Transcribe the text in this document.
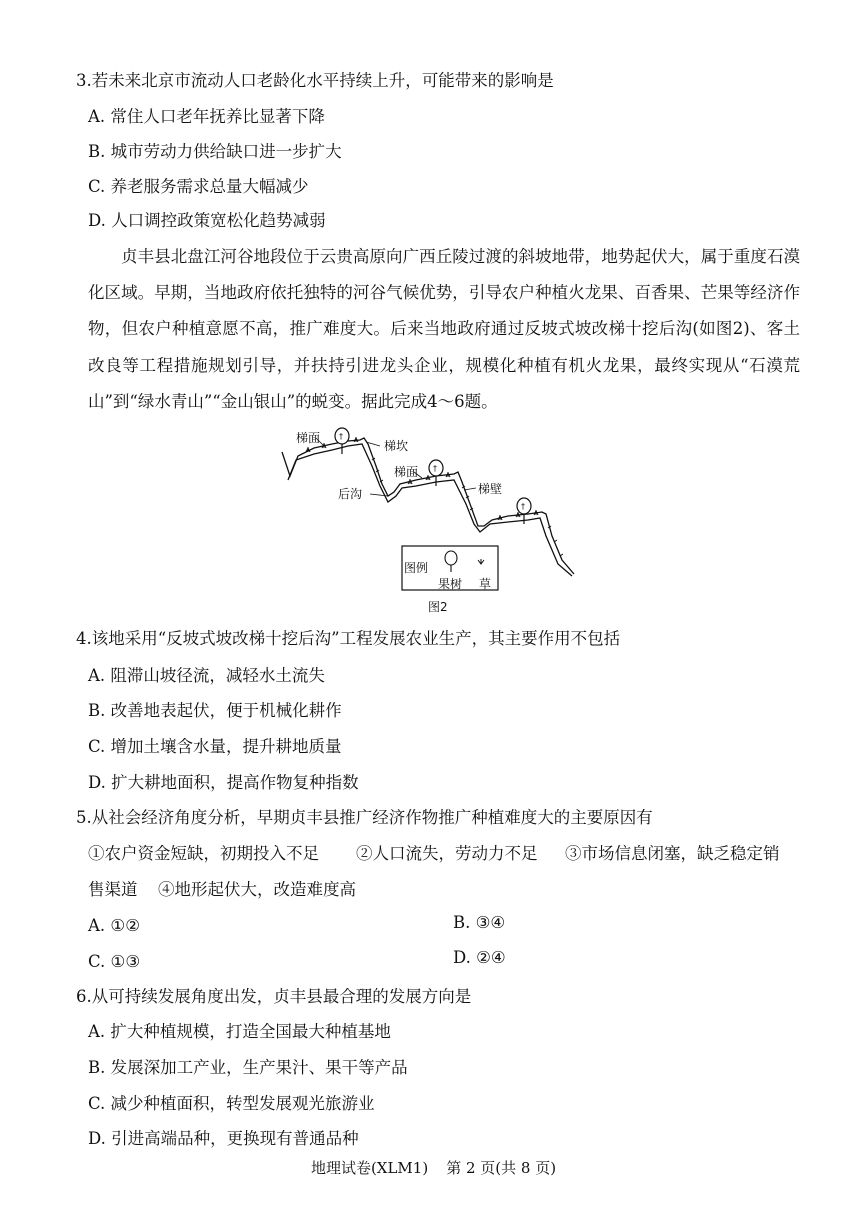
3.若未来北京市流动人口老龄化水平持续上升，可能带来的影响是
A. 常住人口老年抚养比显著下降
B. 城市劳动力供给缺口进一步扩大
C. 养老服务需求总量大幅减少
D. 人口调控政策宽松化趋势减弱
贞丰县北盘江河谷地段位于云贵高原向广西丘陵过渡的斜坡地带，地势起伏大，属于重度石漠化区域。早期，当地政府依托独特的河谷气候优势，引导农户种植火龙果、百香果、芒果等经济作物，但农户种植意愿不高，推广难度大。后来当地政府通过反坡式坡改梯十挖后沟(如图2)、客土改良等工程措施规划引导，并扶持引进龙头企业，规模化种植有机火龙果，最终实现从“石漠荒山”到“绿水青山”“金山银山”的蜕变。据此完成4～6题。
†
†
†
梯面
梯坎
梯面
后沟	梯壁
图例
果树 草
图2
4.该地采用“反坡式坡改梯十挖后沟”工程发展农业生产，其主要作用不包括
A. 阻滞山坡径流，减轻水土流失
B. 改善地表起伏，便于机械化耕作
C. 增加土壤含水量，提升耕地质量
D. 扩大耕地面积，提高作物复种指数
5.从社会经济角度分析，早期贞丰县推广经济作物推广种植难度大的主要原因有
①农户资金短缺，初期投入不足 ②人口流失，劳动力不足 ③市场信息闭塞，缺乏稳定销
售渠道 ④地形起伏大，改造难度高
A. ①②	B. ③④
C. ①③	D. ②④
6.从可持续发展角度出发，贞丰县最合理的发展方向是
A. 扩大种植规模，打造全国最大种植基地
B. 发展深加工产业，生产果汁、果干等产品
C. 减少种植面积，转型发展观光旅游业
D. 引进高端品种，更换现有普通品种
地理试卷(XLM1) 第 2 页(共 8 页)
